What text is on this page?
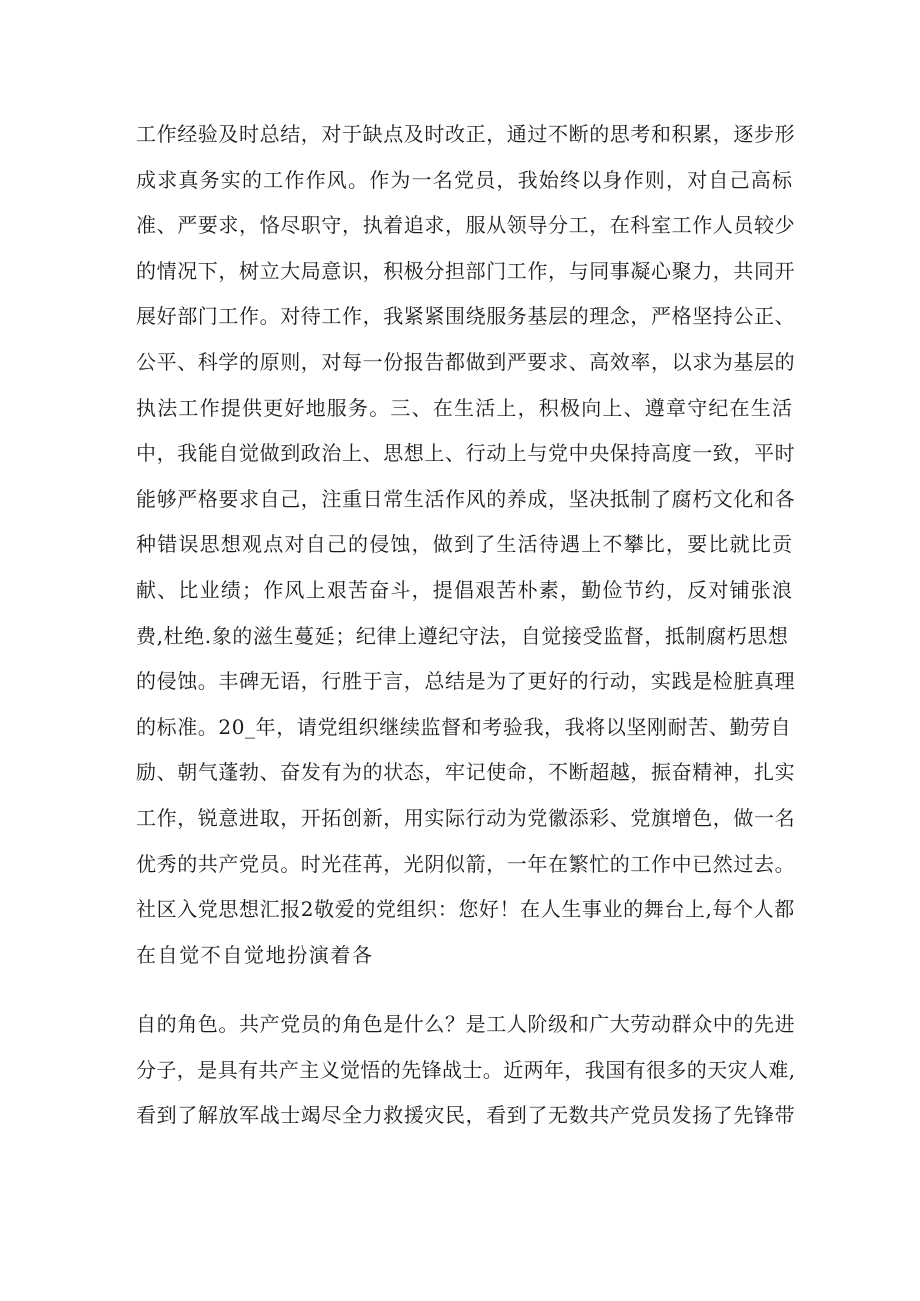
工作经验及时总结，对于缺点及时改正，通过不断的思考和积累，逐步形
成求真务实的工作作风。作为一名党员，我始终以身作则，对自己高标
准、严要求，恪尽职守，执着追求，服从领导分工，在科室工作人员较少
的情况下，树立大局意识，积极分担部门工作，与同事凝心聚力，共同开
展好部门工作。对待工作，我紧紧围绕服务基层的理念，严格坚持公正、
公平、科学的原则，对每一份报告都做到严要求、高效率，以求为基层的
执法工作提供更好地服务。三、在生活上，积极向上、遵章守纪在生活
中，我能自觉做到政治上、思想上、行动上与党中央保持高度一致，平时
能够严格要求自己，注重日常生活作风的养成，坚决抵制了腐朽文化和各
种错误思想观点对自己的侵蚀，做到了生活待遇上不攀比，要比就比贡
献、比业绩；作风上艰苦奋斗，提倡艰苦朴素，勤俭节约，反对铺张浪
费,杜绝.象的滋生蔓延；纪律上遵纪守法，自觉接受监督，抵制腐朽思想
的侵蚀。丰碑无语，行胜于言，总结是为了更好的行动，实践是检脏真理
的标准。20_年，请党组织继续监督和考验我，我将以坚刚耐苦、勤劳自
励、朝气蓬勃、奋发有为的状态，牢记使命，不断超越，振奋精神，扎实
工作，锐意进取，开拓创新，用实际行动为党徽添彩、党旗增色，做一名
优秀的共产党员。时光荏苒，光阴似箭，一年在繁忙的工作中已然过去。
社区入党思想汇报2敬爱的党组织：您好！在人生事业的舞台上,每个人都
在自觉不自觉地扮演着各
自的角色。共产党员的角色是什么？是工人阶级和广大劳动群众中的先进
分子，是具有共产主义觉悟的先锋战士。近两年，我国有很多的天灾人难,
看到了解放军战士竭尽全力救援灾民，看到了无数共产党员发扬了先锋带
